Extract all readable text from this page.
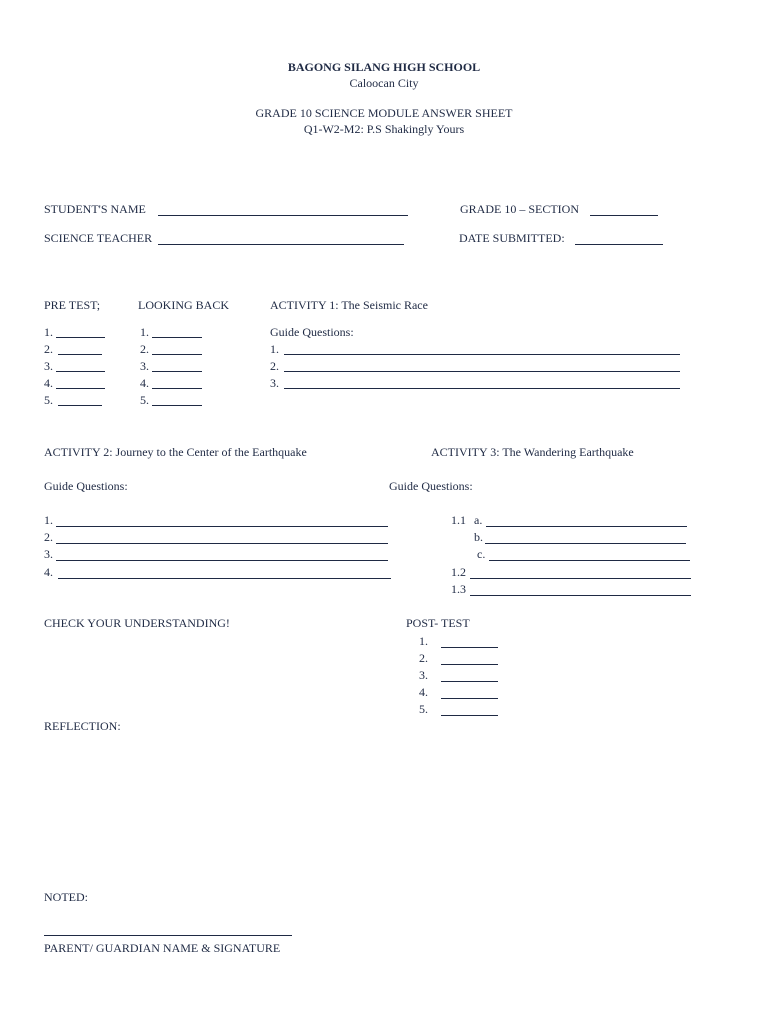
BAGONG SILANG HIGH SCHOOL
Caloocan City
GRADE 10 SCIENCE MODULE ANSWER SHEET
Q1-W2-M2: P.S Shakingly Yours
STUDENT'S NAME	GRADE 10 – SECTION
SCIENCE TEACHER	DATE SUBMITTED:
PRE TEST;	LOOKING BACK	ACTIVITY 1: The Seismic Race
1.
2.
3.
4.
5.
1.
2.
3.
4.
5.
Guide Questions:
1.
2.
3.
ACTIVITY 2: Journey to the Center of the Earthquake
Guide Questions:
1.
2.
3.
4.
ACTIVITY 3: The Wandering Earthquake
Guide Questions:
1.1 a.
b.
c.
1.2
1.3
CHECK YOUR UNDERSTANDING!	POST- TEST
1.
2.
3.
4.
5.
REFLECTION:
NOTED:
PARENT/ GUARDIAN NAME & SIGNATURE
